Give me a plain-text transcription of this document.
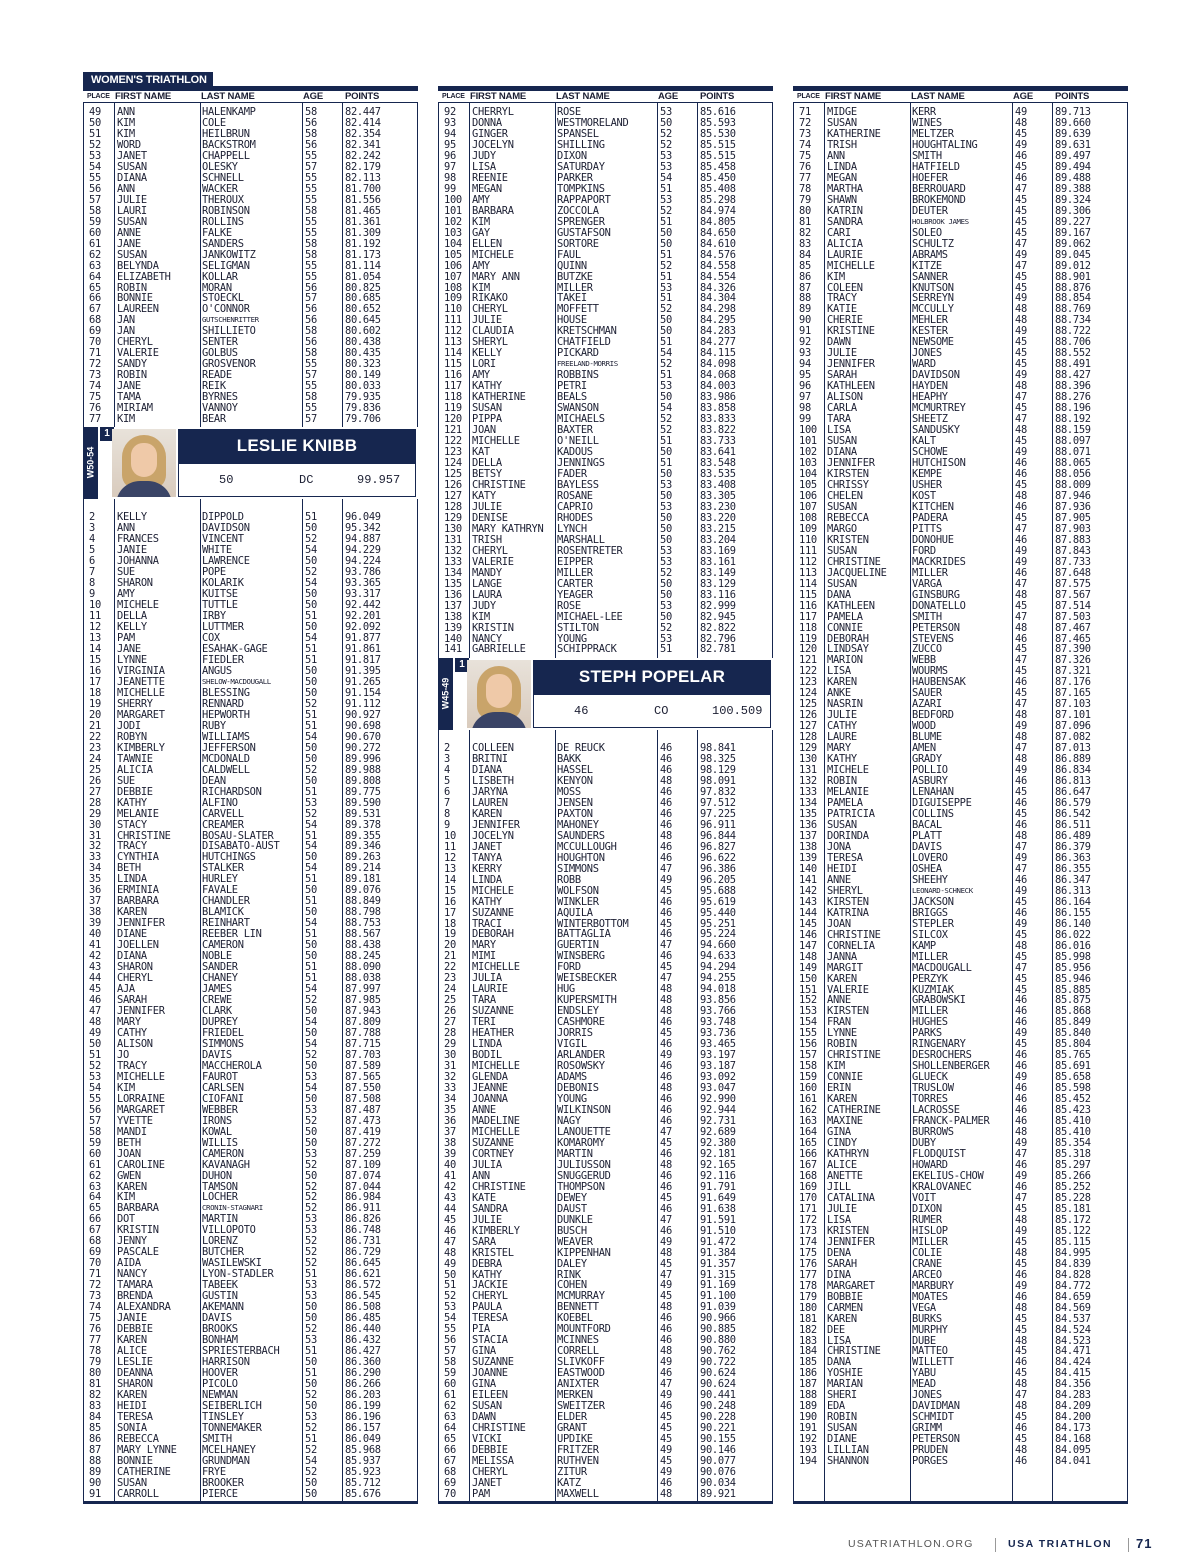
WOMEN'S TRIATHLON
PLACE FIRST NAME	LAST NAME	AGE	POINTS
49	ANN	HALENKAMP	58	82.447
50	KIM	COLE	56	82.414
51	KIM	HEILBRUN	58	82.354
52	WORD	BACKSTROM	56	82.341
53	JANET	CHAPPELL	55	82.242
54	SUSAN	OLESKY	57	82.179
55	DIANA	SCHNELL	55	82.113
56	ANN	WACKER	55	81.700
57	JULIE	THEROUX	55	81.556
58	LAURI	ROBINSON	58	81.465
59	SUSAN	ROLLINS	55	81.361
60	ANNE	FALKE	55	81.309
61	JANE	SANDERS	58	81.192
62	SUSAN	JANKOWITZ	58	81.173
63	BELYNDA	SELIGMAN	55	81.114
64	ELIZABETH	KOLLAR	55	81.054
65	ROBIN	MORAN	56	80.825
66	BONNIE	STOECKL	57	80.685
67	LAUREEN	O'CONNOR	56	80.652
68	JAN	GUTSCHENRITTER	56	80.645
69	JAN	SHILLIETO	58	80.602
70	CHERYL	SENTER	56	80.438
71	VALERIE	GOLBUS	58	80.435
72	SANDY	GROSVENOR	55	80.323
73	ROBIN	READE	57	80.149
74	JANE	REIK	55	80.033
75	TAMA	BYRNES	58	79.935
76	MIRIAM	VANNOY	55	79.836
77	KIM	BEAR	57	79.706
W50-54
1
LESLIE KNIBB
50	DC	99.957
2	KELLY	DIPPOLD	51	96.049
3	ANN	DAVIDSON	50	95.342
4	FRANCES	VINCENT	52	94.887
5	JANIE	WHITE	54	94.229
6	JOHANNA	LAWRENCE	50	94.224
7	SUE	POPE	52	93.786
8	SHARON	KOLARIK	54	93.365
9	AMY	KUITSE	50	93.317
10	MICHELE	TUTTLE	50	92.442
11	DELLA	IRBY	51	92.201
12	KELLY	LUTTMER	50	92.092
13	PAM	COX	54	91.877
14	JANE	ESAHAK-GAGE	51	91.861
15	LYNNE	FIEDLER	51	91.817
16	VIRGINIA	ANGUS	50	91.395
17	JEANETTE	SHELOW-MACDOUGALL	50	91.265
18	MICHELLE	BLESSING	50	91.154
19	SHERRY	RENNARD	52	91.112
20	MARGARET	HEPWORTH	51	90.927
21	JODI	RUBY	51	90.698
22	ROBYN	WILLIAMS	54	90.670
23	KIMBERLY	JEFFERSON	50	90.272
24	TAWNIE	MCDONALD	50	89.996
25	ALICIA	CALDWELL	52	89.988
26	SUE	DEAN	50	89.808
27	DEBBIE	RICHARDSON	51	89.775
28	KATHY	ALFINO	53	89.590
29	MELANIE	CARVELL	52	89.531
30	STACY	CREAMER	54	89.378
31	CHRISTINE	BOSAU-SLATER	51	89.355
32	TRACY	DISABATO-AUST	54	89.346
33	CYNTHIA	HUTCHINGS	50	89.263
34	BETH	STALKER	54	89.214
35	LINDA	HURLEY	51	89.181
36	ERMINIA	FAVALE	50	89.076
37	BARBARA	CHANDLER	51	88.849
38	KAREN	BLAMICK	50	88.798
39	JENNIFER	REINHART	54	88.753
40	DIANE	REEBER LIN	51	88.567
41	JOELLEN	CAMERON	50	88.438
42	DIANA	NOBLE	50	88.245
43	SHARON	SANDER	51	88.090
44	CHERYL	CHANEY	51	88.038
45	AJA	JAMES	54	87.997
46	SARAH	CREWE	52	87.985
47	JENNIFER	CLARK	50	87.943
48	MARY	DUPREY	54	87.809
49	CATHY	FRIEDEL	50	87.788
50	ALISON	SIMMONS	54	87.715
51	JO	DAVIS	52	87.703
52	TRACY	MACCHEROLA	50	87.589
53	MICHELLE	FAUROT	53	87.565
54	KIM	CARLSEN	54	87.550
55	LORRAINE	CIOFANI	50	87.508
56	MARGARET	WEBBER	53	87.487
57	YVETTE	IRONS	52	87.473
58	MANDI	KOWAL	50	87.419
59	BETH	WILLIS	50	87.272
60	JOAN	CAMERON	53	87.259
61	CAROLINE	KAVANAGH	52	87.109
62	GWEN	DUHON	50	87.074
63	KAREN	TAMSON	52	87.044
64	KIM	LOCHER	52	86.984
65	BARBARA	CRONIN-STAGNARI	52	86.911
66	DOT	MARTIN	53	86.826
67	KRISTIN	VILLOPOTO	53	86.748
68	JENNY	LORENZ	52	86.731
69	PASCALE	BUTCHER	52	86.729
70	AIDA	WASILEWSKI	52	86.645
71	NANCY	LYON-STADLER	51	86.621
72	TAMARA	TABEEK	53	86.572
73	BRENDA	GUSTIN	53	86.545
74	ALEXANDRA	AKEMANN	50	86.508
75	JANIE	DAVIS	50	86.485
76	DEBBIE	BROOKS	52	86.440
77	KAREN	BONHAM	53	86.432
78	ALICE	SPRIESTERBACH	51	86.427
79	LESLIE	HARRISON	50	86.360
80	DEANNA	HOOVER	51	86.290
81	SHARON	PICOLO	50	86.266
82	KAREN	NEWMAN	52	86.203
83	HEIDI	SEIBERLICH	50	86.199
84	TERESA	TINSLEY	53	86.196
85	SONIA	TONNEMAKER	52	86.157
86	REBECCA	SMITH	51	86.049
87	MARY LYNNE	MCELHANEY	52	85.968
88	BONNIE	GRUNDMAN	54	85.937
89	CATHERINE	FRYE	52	85.923
90	SUSAN	BROOKER	50	85.712
91	CARROLL	PIERCE	50	85.676
PLACE FIRST NAME	LAST NAME	AGE	POINTS
92	CHERRYL	ROSE	53	85.616
93	DONNA	WESTMORELAND	50	85.593
94	GINGER	SPANSEL	52	85.530
95	JOCELYN	SHILLING	52	85.515
96	JUDY	DIXON	53	85.515
97	LISA	SATURDAY	53	85.458
98	REENIE	PARKER	54	85.450
99	MEGAN	TOMPKINS	51	85.408
100 AMY	RAPPAPORT	53	85.298
101 BARBARA	ZOCCOLA	52	84.974
102 KIM	SPRENGER	51	84.805
103 GAY	GUSTAFSON	50	84.650
104 ELLEN	SORTORE	50	84.610
105 MICHELE	FAUL	51	84.576
106 AMY	QUINN	52	84.558
107 MARY ANN	BUTZKE	51	84.554
108 KIM	MILLER	53	84.326
109 RIKAKO	TAKEI	51	84.304
110 CHERYL	MOFFETT	52	84.298
111 JULIE	HOUSE	50	84.295
112 CLAUDIA	KRETSCHMAN	50	84.283
113 SHERYL	CHATFIELD	51	84.277
114 KELLY	PICKARD	54	84.115
115 LORI	FREELAND-MORRIS	52	84.098
116 AMY	ROBBINS	51	84.068
117 KATHY	PETRI	53	84.003
118 KATHERINE	BEALS	50	83.986
119 SUSAN	SWANSON	54	83.858
120 PIPPA	MICHAELS	52	83.833
121 JOAN	BAXTER	52	83.822
122 MICHELLE	O'NEILL	51	83.733
123 KAT	KADOUS	50	83.641
124 DELLA	JENNINGS	51	83.548
125 BETSY	FADER	50	83.535
126 CHRISTINE	BAYLESS	53	83.408
127 KATY	ROSANE	50	83.305
128 JULIE	CAPRIO	53	83.230
129 DENISE	RHODES	50	83.220
130 MARY KATHRYN	LYNCH	50	83.215
131 TRISH	MARSHALL	50	83.204
132 CHERYL	ROSENTRETER	53	83.169
133 VALERIE	EIPPER	53	83.161
134 MANDY	MILLER	52	83.149
135 LANGE	CARTER	50	83.129
136 LAURA	YEAGER	50	83.116
137 JUDY	ROSE	53	82.999
138 KIM	MICHAEL-LEE	50	82.945
139 KRISTIN	STILTON	52	82.822
140 NANCY	YOUNG	53	82.796
141 GABRIELLE	SCHIPPRACK	51	82.781
W45-49
1
STEPH POPELAR
46	CO	100.509
2	COLLEEN	DE REUCK	46	98.841
3	BRITNI	BAKK	46	98.325
4	DIANA	HASSEL	46	98.129
5	LISBETH	KENYON	48	98.091
6	JARYNA	MOSS	46	97.832
7	LAUREN	JENSEN	46	97.512
8	KAREN	PAXTON	46	97.225
9	JENNIFER	MAHONEY	46	96.911
10	JOCELYN	SAUNDERS	48	96.844
11	JANET	MCCULLOUGH	46	96.827
12	TANYA	HOUGHTON	46	96.622
13	KERRY	SIMMONS	47	96.386
14	LINDA	ROBB	49	96.205
15	MICHELE	WOLFSON	45	95.688
16	KATHY	WINKLER	46	95.619
17	SUZANNE	AQUILA	46	95.440
18	TRACI	WINTERBOTTOM	45	95.251
19	DEBORAH	BATTAGLIA	46	95.224
20	MARY	GUERTIN	47	94.660
21	MIMI	WINSBERG	46	94.633
22	MICHELLE	FORD	45	94.294
23	JULIA	WEISBECKER	47	94.255
24	LAURIE	HUG	48	94.018
25	TARA	KUPERSMITH	48	93.856
26	SUZANNE	ENDSLEY	48	93.766
27	TERI	CASHMORE	46	93.748
28	HEATHER	JORRIS	45	93.736
29	LINDA	VIGIL	46	93.465
30	BODIL	ARLANDER	49	93.197
31	MICHELLE	ROSOWSKY	46	93.187
32	GLENDA	ADAMS	46	93.092
33	JEANNE	DEBONIS	48	93.047
34	JOANNA	YOUNG	46	92.990
35	ANNE	WILKINSON	46	92.944
36	MADELINE	NAGY	46	92.731
37	MICHELLE	LANOUETTE	47	92.689
38	SUZANNE	KOMAROMY	45	92.380
39	CORTNEY	MARTIN	46	92.181
40	JULIA	JULIUSSON	48	92.165
41	ANN	SNUGGERUD	46	92.116
42	CHRISTINE	THOMPSON	46	91.791
43	KATE	DEWEY	45	91.649
44	SANDRA	DAUST	46	91.638
45	JULIE	DUNKLE	47	91.591
46	KIMBERLY	BUSCH	46	91.510
47	SARA	WEAVER	49	91.472
48	KRISTEL	KIPPENHAN	48	91.384
49	DEBRA	DALEY	45	91.357
50	KATHY	RINK	47	91.315
51	JACKIE	COHEN	49	91.169
52	CHERYL	MCMURRAY	45	91.100
53	PAULA	BENNETT	48	91.039
54	TERESA	KOEBEL	46	90.966
55	PIA	MOUNTFORD	46	90.885
56	STACIA	MCINNES	46	90.880
57	GINA	CORRELL	48	90.762
58	SUZANNE	SLIVKOFF	49	90.722
59	JOANNE	EASTWOOD	46	90.624
60	GINA	ANIXTER	47	90.624
61	EILEEN	MERKEN	49	90.441
62	SUSAN	SWEITZER	46	90.248
63	DAWN	ELDER	45	90.228
64	CHRISTINE	GRANT	45	90.221
65	VICKI	UPDIKE	45	90.155
66	DEBBIE	FRITZER	49	90.146
67	MELISSA	RUTHVEN	45	90.077
68	CHERYL	ZITUR	49	90.076
69	JANET	KATZ	46	90.034
70	PAM	MAXWELL	48	89.921
PLACE FIRST NAME	LAST NAME	AGE	POINTS
71	MIDGE	KERR	49	89.713
72	SUSAN	WINES	48	89.660
73	KATHERINE	MELTZER	45	89.639
74	TRISH	HOUGHTALING	49	89.631
75	ANN	SMITH	46	89.497
76	LINDA	HATFIELD	45	89.494
77	MEGAN	HOEFER	46	89.488
78	MARTHA	BERROUARD	47	89.388
79	SHAWN	BROKEMOND	45	89.324
80	KATRIN	DEUTER	45	89.306
81	SANDRA	HOLBROOK JAMES	45	89.227
82	CARI	SOLEO	45	89.167
83	ALICIA	SCHULTZ	47	89.062
84	LAURIE	ABRAMS	49	89.045
85	MICHELLE	KITZE	47	89.012
86	KIM	SANNER	45	88.901
87	COLEEN	KNUTSON	45	88.876
88	TRACY	SERREYN	49	88.854
89	KATIE	MCCULLY	48	88.769
90	CHERIE	MEHLER	48	88.734
91	KRISTINE	KESTER	49	88.722
92	DAWN	NEWSOME	45	88.706
93	JULIE	JONES	45	88.552
94	JENNIFER	WARD	45	88.491
95	SARAH	DAVIDSON	49	88.427
96	KATHLEEN	HAYDEN	48	88.396
97	ALISON	HEAPHY	47	88.276
98	CARLA	MCMURTREY	45	88.196
99	TARA	SHEETZ	47	88.192
100 LISA	SANDUSKY	48	88.159
101 SUSAN	KALT	45	88.097
102 DIANA	SCHOWE	49	88.071
103 JENNIFER	HUTCHISON	46	88.065
104 KIRSTEN	KEMPE	46	88.056
105 CHRISSY	USHER	45	88.009
106 CHELEN	KOST	48	87.946
107 SUSAN	KITCHEN	46	87.936
108 REBECCA	PADERA	45	87.905
109 MARGO	PITTS	47	87.903
110 KRISTEN	DONOHUE	46	87.883
111 SUSAN	FORD	49	87.843
112 CHRISTINE	MACKRIDES	49	87.733
113 JACQUELINE	MILLER	46	87.648
114 SUSAN	VARGA	47	87.575
115 DANA	GINSBURG	48	87.567
116 KATHLEEN	DONATELLO	45	87.514
117 PAMELA	SMITH	47	87.503
118 CONNIE	PETERSON	48	87.467
119 DEBORAH	STEVENS	46	87.465
120 LINDSAY	ZUCCO	45	87.390
121 MARION	WEBB	47	87.326
122 LISA	WOURMS	45	87.321
123 KAREN	HAUBENSAK	46	87.176
124 ANKE	SAUER	45	87.165
125 NASRIN	AZARI	47	87.103
126 JULIE	BEDFORD	48	87.101
127 CATHY	WOOD	49	87.096
128 LAURE	BLUME	48	87.082
129 MARY	AMEN	47	87.013
130 KATHY	GRADY	48	86.889
131 MICHELE	POLLIO	49	86.834
132 ROBIN	ASBURY	46	86.813
133 MELANIE	LENAHAN	45	86.647
134 PAMELA	DIGUISEPPE	46	86.579
135 PATRICIA	COLLINS	45	86.542
136 SUSAN	BACAL	46	86.511
137 DORINDA	PLATT	48	86.489
138 JONA	DAVIS	47	86.379
139 TERESA	LOVERO	49	86.363
140 HEIDI	OSHEA	47	86.355
141 ANNE	SHEEHY	46	86.347
142 SHERYL	LEONARD-SCHNECK	49	86.313
143 KIRSTEN	JACKSON	45	86.164
144 KATRINA	BRIGGS	46	86.155
145 JOAN	STEPLER	49	86.140
146 CHRISTINE	SILCOX	45	86.022
147 CORNELIA	KAMP	48	86.016
148 JANNA	MILLER	45	85.998
149 MARGIT	MACDOUGALL	47	85.956
150 KAREN	PERZYK	45	85.946
151 VALERIE	KUZMIAK	45	85.885
152 ANNE	GRABOWSKI	46	85.875
153 KIRSTEN	MILLER	46	85.868
154 FRAN	HUGHES	46	85.849
155 LYNNE	PARKS	49	85.840
156 ROBIN	RINGENARY	45	85.804
157 CHRISTINE	DESROCHERS	46	85.765
158 KIM	SHOLLENBERGER	46	85.691
159 CONNIE	GLUECK	49	85.658
160 ERIN	TRUSLOW	46	85.598
161 KAREN	TORRES	46	85.452
162 CATHERINE	LACROSSE	46	85.423
163 MAXINE	FRANCK-PALMER	46	85.410
164 GINA	BURROWS	48	85.410
165 CINDY	DUBY	49	85.354
166 KATHRYN	FLODQUIST	47	85.318
167 ALICE	HOWARD	46	85.297
168 ANETTE	EKELIUS-CHOW	49	85.266
169 JILL	KRALOVANEC	46	85.252
170 CATALINA	VOIT	47	85.228
171 JULIE	DIXON	45	85.181
172 LISA	RUMER	48	85.172
173 KRISTEN	HISLOP	49	85.122
174 JENNIFER	MILLER	45	85.115
175 DENA	COLIE	48	84.995
176 SARAH	CRANE	45	84.839
177 DINA	ARCEO	46	84.828
178 MARGARET	MARBURY	49	84.772
179 BOBBIE	MOATES	46	84.659
180 CARMEN	VEGA	48	84.569
181 KAREN	BURKS	45	84.537
182 DEE	MURPHY	45	84.524
183 LISA	DUBE	48	84.523
184 CHRISTINE	MATTEO	45	84.471
185 DANA	WILLETT	46	84.424
186 YOSHIE	YABU	45	84.415
187 MARIAN	MEAD	48	84.356
188 SHERI	JONES	47	84.283
189 EDA	DAVIDMAN	48	84.209
190 ROBIN	SCHMIDT	45	84.200
191 SUSAN	GRIMM	46	84.173
192 DIANE	PETERSON	45	84.168
193 LILLIAN	PRUDEN	48	84.095
194 SHANNON	PORGES	46	84.041
USATRIATHLON.ORG	USA TRIATHLON 71
